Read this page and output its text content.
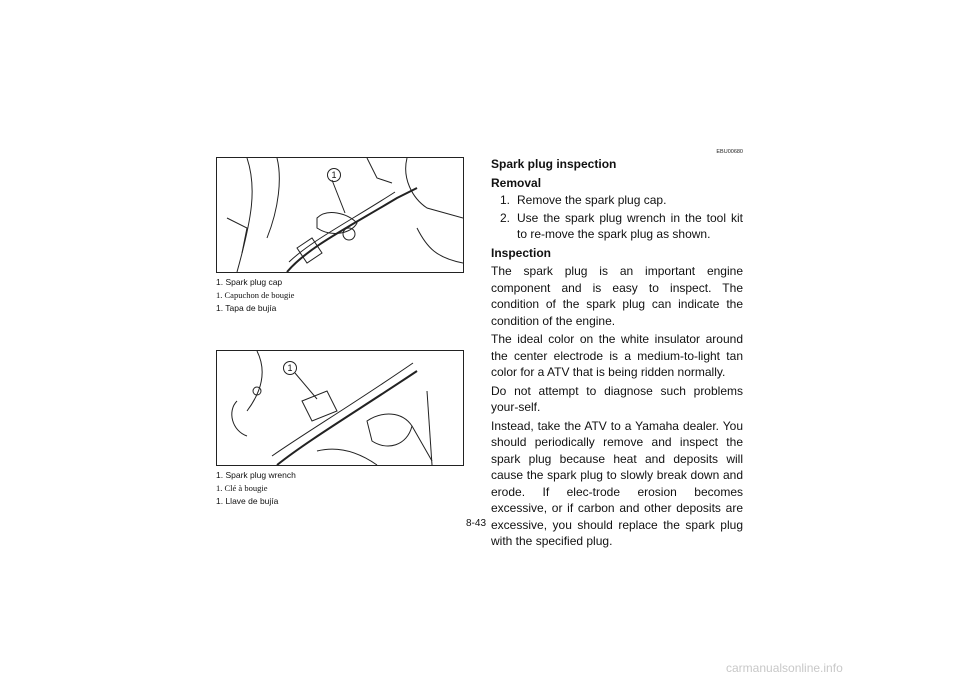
1
1. Spark plug cap
1. Capuchon de bougie
1. Tapa de bujía
1
1. Spark plug wrench
1. Clé à bougie
1. Llave de bujía
EBU00680
Spark plug inspection
Removal
1. Remove the spark plug cap.
2. Use the spark plug wrench in the tool kit to re-move the spark plug as shown.
Inspection
The spark plug is an important engine component and is easy to inspect. The condition of the spark plug can indicate the condition of the engine.
The ideal color on the white insulator around the center electrode is a medium-to-light tan color for a ATV that is being ridden normally.
Do not attempt to diagnose such problems your-self.
Instead, take the ATV to a Yamaha dealer. You should periodically remove and inspect the spark plug because heat and deposits will cause the spark plug to slowly break down and erode. If elec-trode erosion becomes excessive, or if carbon and other deposits are excessive, you should replace the spark plug with the specified plug.
8-43
carmanualsonline.info
